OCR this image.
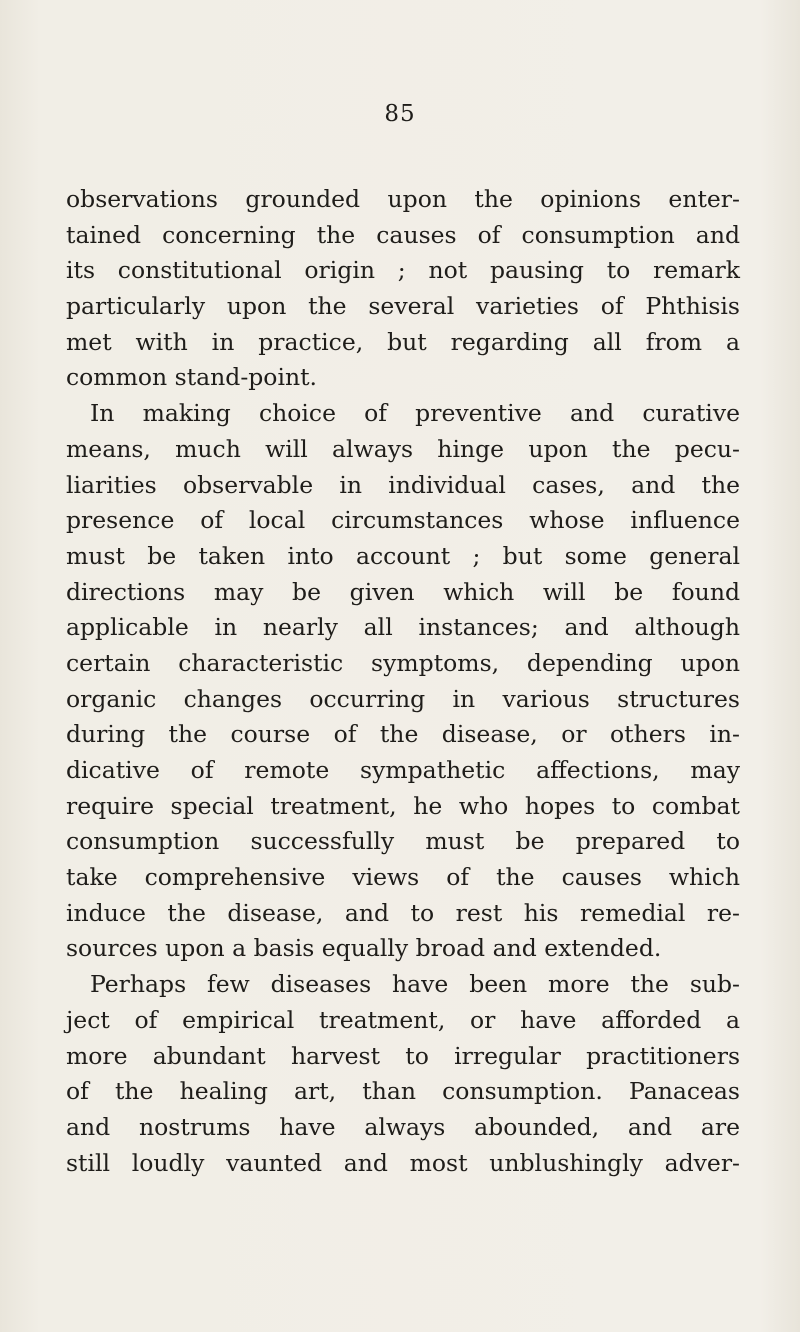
85
observations grounded upon the opinions enter-
tained concerning the causes of consumption and
its constitutional origin ; not pausing to remark
particularly upon the several varieties of Phthisis
met with in practice, but regarding all from a
common stand-point.
In making choice of preventive and curative
means, much will always hinge upon the pecu-
liarities observable in individual cases, and the
presence of local circumstances whose influence
must be taken into account ; but some general
directions may be given which will be found
applicable in nearly all instances; and although
certain characteristic symptoms, depending upon
organic changes occurring in various structures
during the course of the disease, or others in-
dicative of remote sympathetic affections, may
require special treatment, he who hopes to combat
consumption successfully must be prepared to
take comprehensive views of the causes which
induce the disease, and to rest his remedial re-
sources upon a basis equally broad and extended.
Perhaps few diseases have been more the sub-
ject of empirical treatment, or have afforded a
more abundant harvest to irregular practitioners
of the healing art, than consumption. Panaceas
and nostrums have always abounded, and are
still loudly vaunted and most unblushingly adver-
